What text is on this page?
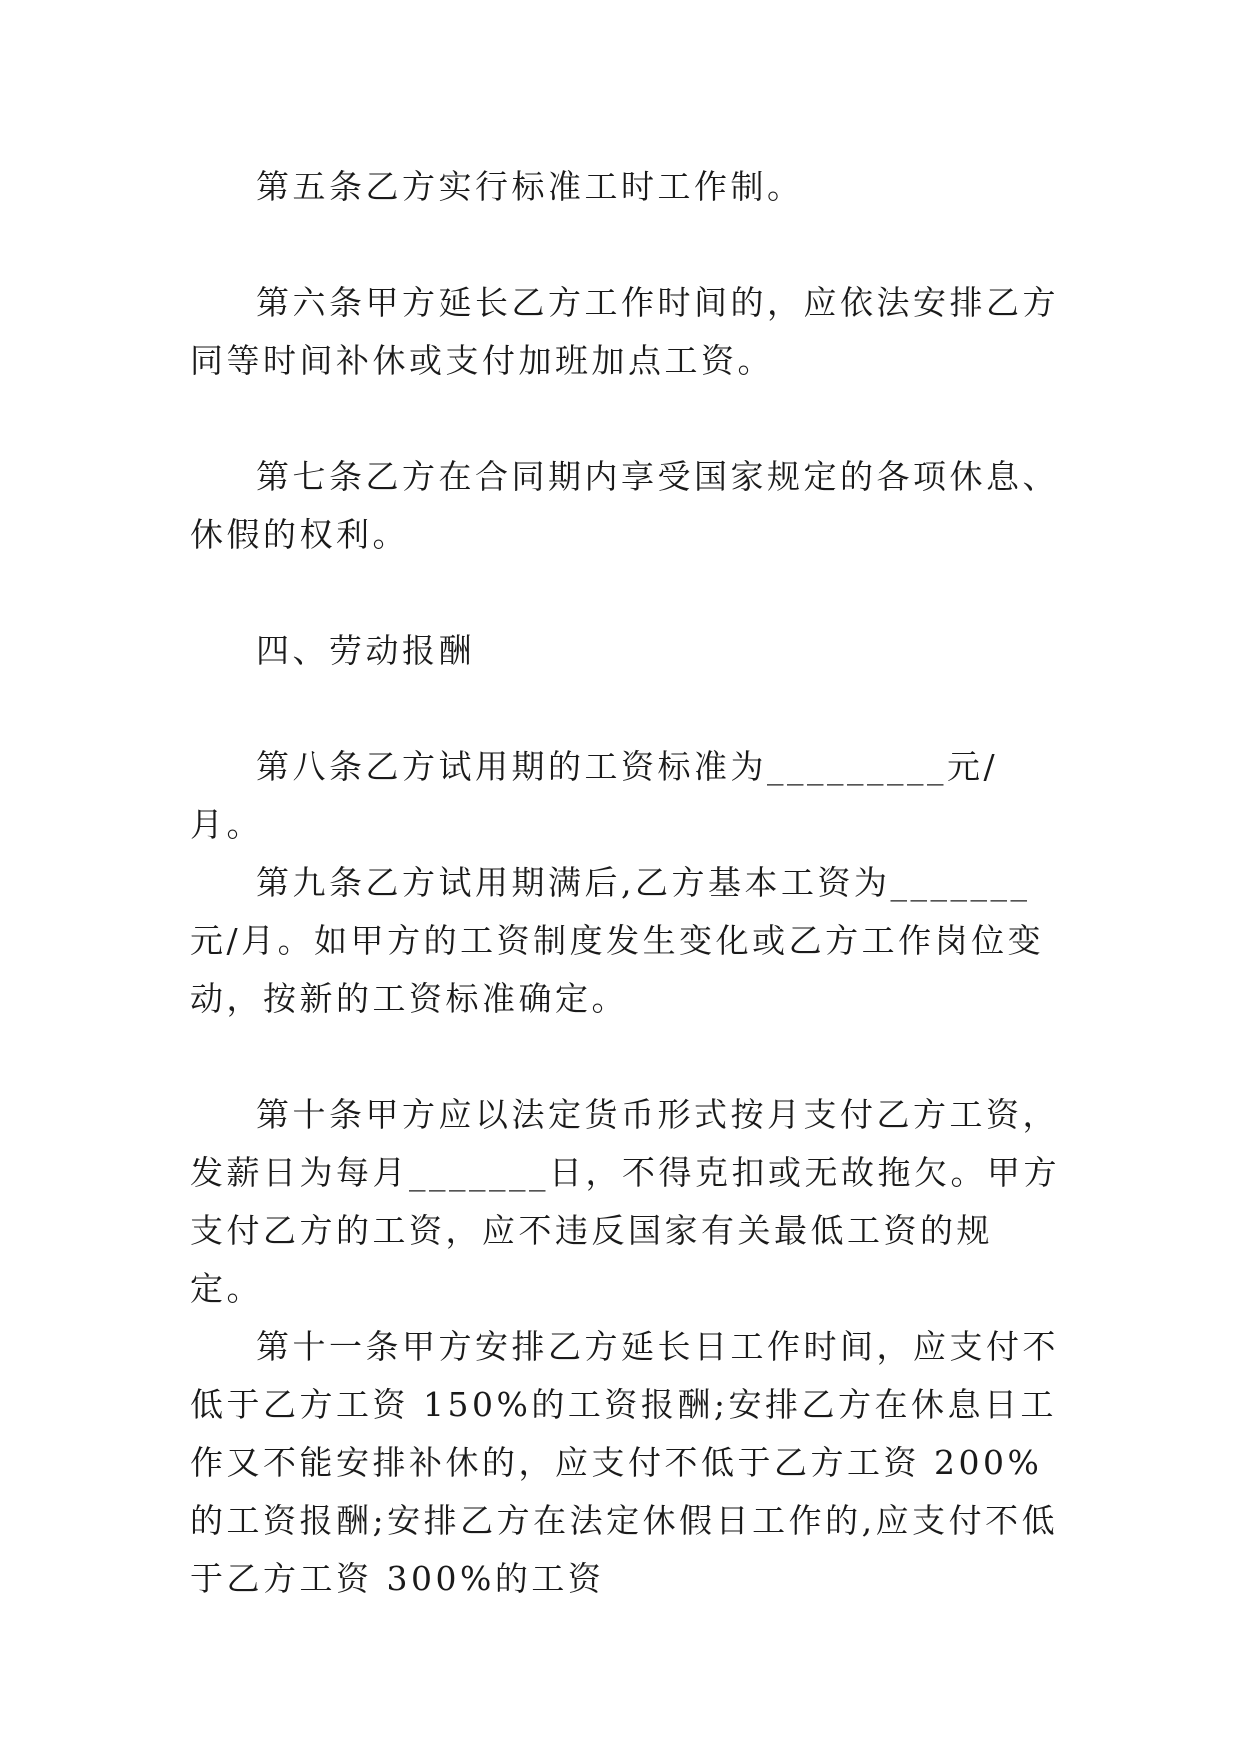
第五条乙方实行标准工时工作制。

第六条甲方延长乙方工作时间的，应依法安排乙方同等时间补休或支付加班加点工资。

第七条乙方在合同期内享受国家规定的各项休息、休假的权利。

四、劳动报酬

第八条乙方试用期的工资标准为_________元/月。

第九条乙方试用期满后,乙方基本工资为_______元/月。如甲方的工资制度发生变化或乙方工作岗位变动，按新的工资标准确定。

第十条甲方应以法定货币形式按月支付乙方工资，发薪日为每月_______日，不得克扣或无故拖欠。甲方支付乙方的工资，应不违反国家有关最低工资的规定。

第十一条甲方安排乙方延长日工作时间，应支付不低于乙方工资 150%的工资报酬;安排乙方在休息日工作又不能安排补休的，应支付不低于乙方工资 200%的工资报酬;安排乙方在法定休假日工作的,应支付不低于乙方工资 300%的工资
